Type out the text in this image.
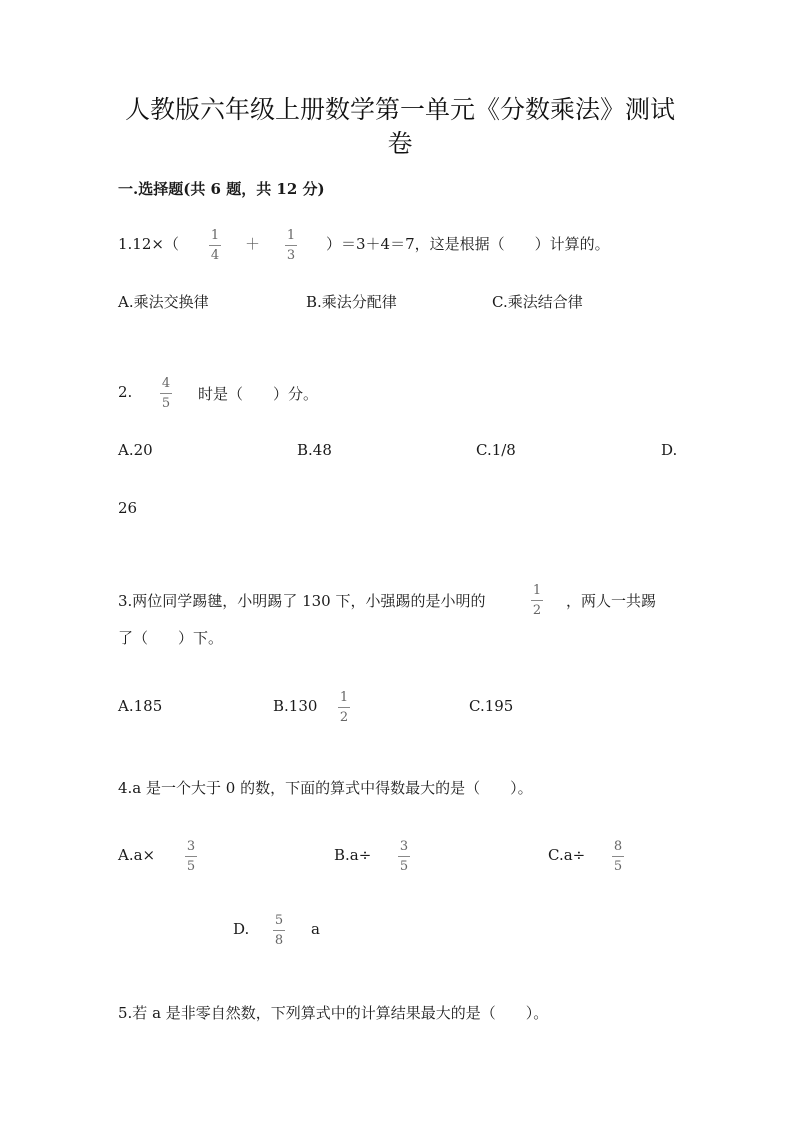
人教版六年级上册数学第一单元《分数乘法》测试
卷
一.选择题(共 6 题，共 12 分)
1.12×（ 1
4
＋ 1
3
）＝3＋4＝7，这是根据（　　）计算的。
A.乘法交换律	B.乘法分配律	C.乘法结合律
2. 4
5
时是（　　）分。
A.20	B.48	C.1/8	D.
26
3.两位同学踢毽，小明踢了 130 下，小强踢的是小明的
1
2
，两人一共踢
了（　　）下。
A.185	B.130 1
2
C.195
4.a 是一个大于 0 的数，下面的算式中得数最大的是（　　）。
A.a× 3
5
B.a÷ 3
5
C.a÷ 8
5
D. 5
8
a
5.若 a 是非零自然数，下列算式中的计算结果最大的是（　　）。
